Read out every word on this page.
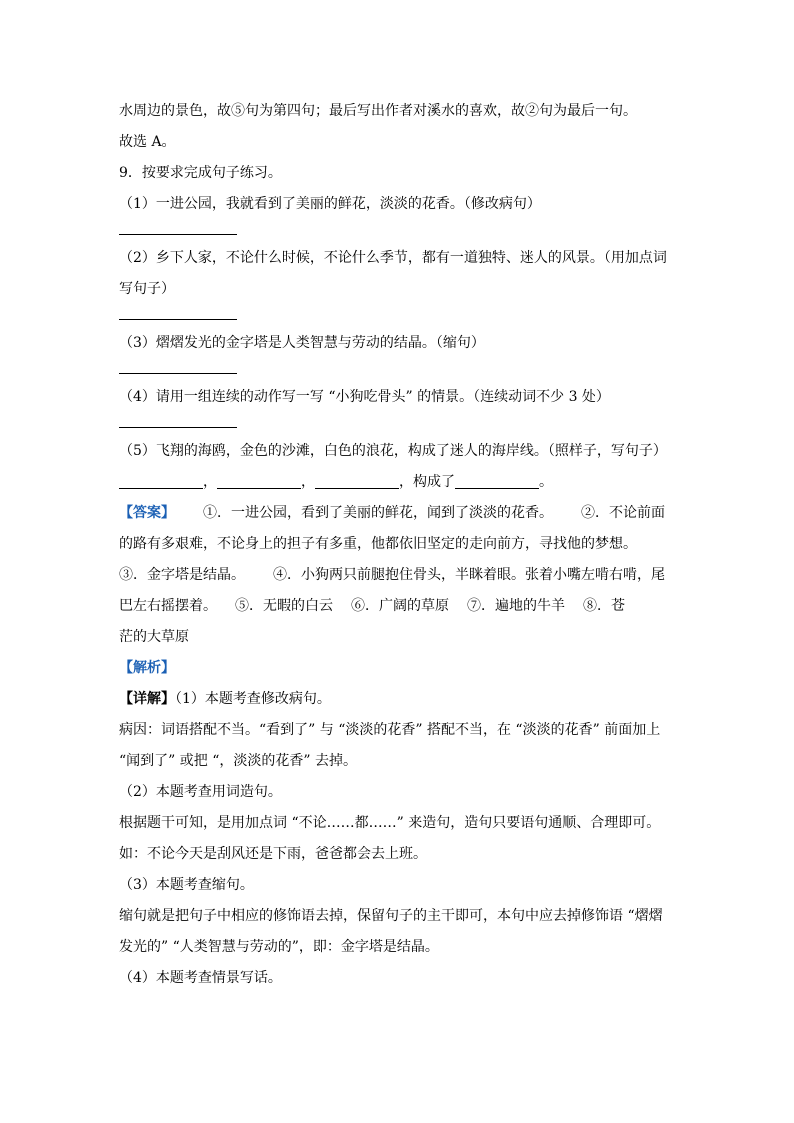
水周边的景色，故⑤句为第四句；最后写出作者对溪水的喜欢，故②句为最后一句。
故选 A。
9．按要求完成句子练习。
（1）一进公园，我就看到了美丽的鲜花，淡淡的花香。（修改病句）
（2）乡下人家，不论什么时候，不论什么季节，都有一道独特、迷人的风景。（用加点词
写句子）
（3）熠熠发光的金字塔是人类智慧与劳动的结晶。（缩句）
（4）请用一组连续的动作写一写 “小狗吃骨头” 的情景。（连续动词不少 3 处）
（5）飞翔的海鸥，金色的沙滩，白色的浪花，构成了迷人的海岸线。（照样子，写句子）
，	，	，构成了	。
【答案】 ①．一进公园，看到了美丽的鲜花，闻到了淡淡的花香。 ②．不论前面
的路有多艰难，不论身上的担子有多重，他都依旧坚定的走向前方，寻找他的梦想。
③．金字塔是结晶。 ④．小狗两只前腿抱住骨头，半眯着眼。张着小嘴左啃右啃，尾
巴左右摇摆着。 ⑤．无暇的白云 ⑥．广阔的草原 ⑦．遍地的牛羊 ⑧．苍
茫的大草原
【解析】
【详解】（1）本题考查修改病句。
病因：词语搭配不当。“看到了” 与 “淡淡的花香” 搭配不当，在 “淡淡的花香” 前面加上
“闻到了” 或把 “，淡淡的花香” 去掉。
（2）本题考查用词造句。
根据题干可知，是用加点词 “不论……都……” 来造句，造句只要语句通顺、合理即可。
如：不论今天是刮风还是下雨，爸爸都会去上班。
（3）本题考查缩句。
缩句就是把句子中相应的修饰语去掉，保留句子的主干即可，本句中应去掉修饰语 “熠熠
发光的” “人类智慧与劳动的”，即：金字塔是结晶。
（4）本题考查情景写话。
